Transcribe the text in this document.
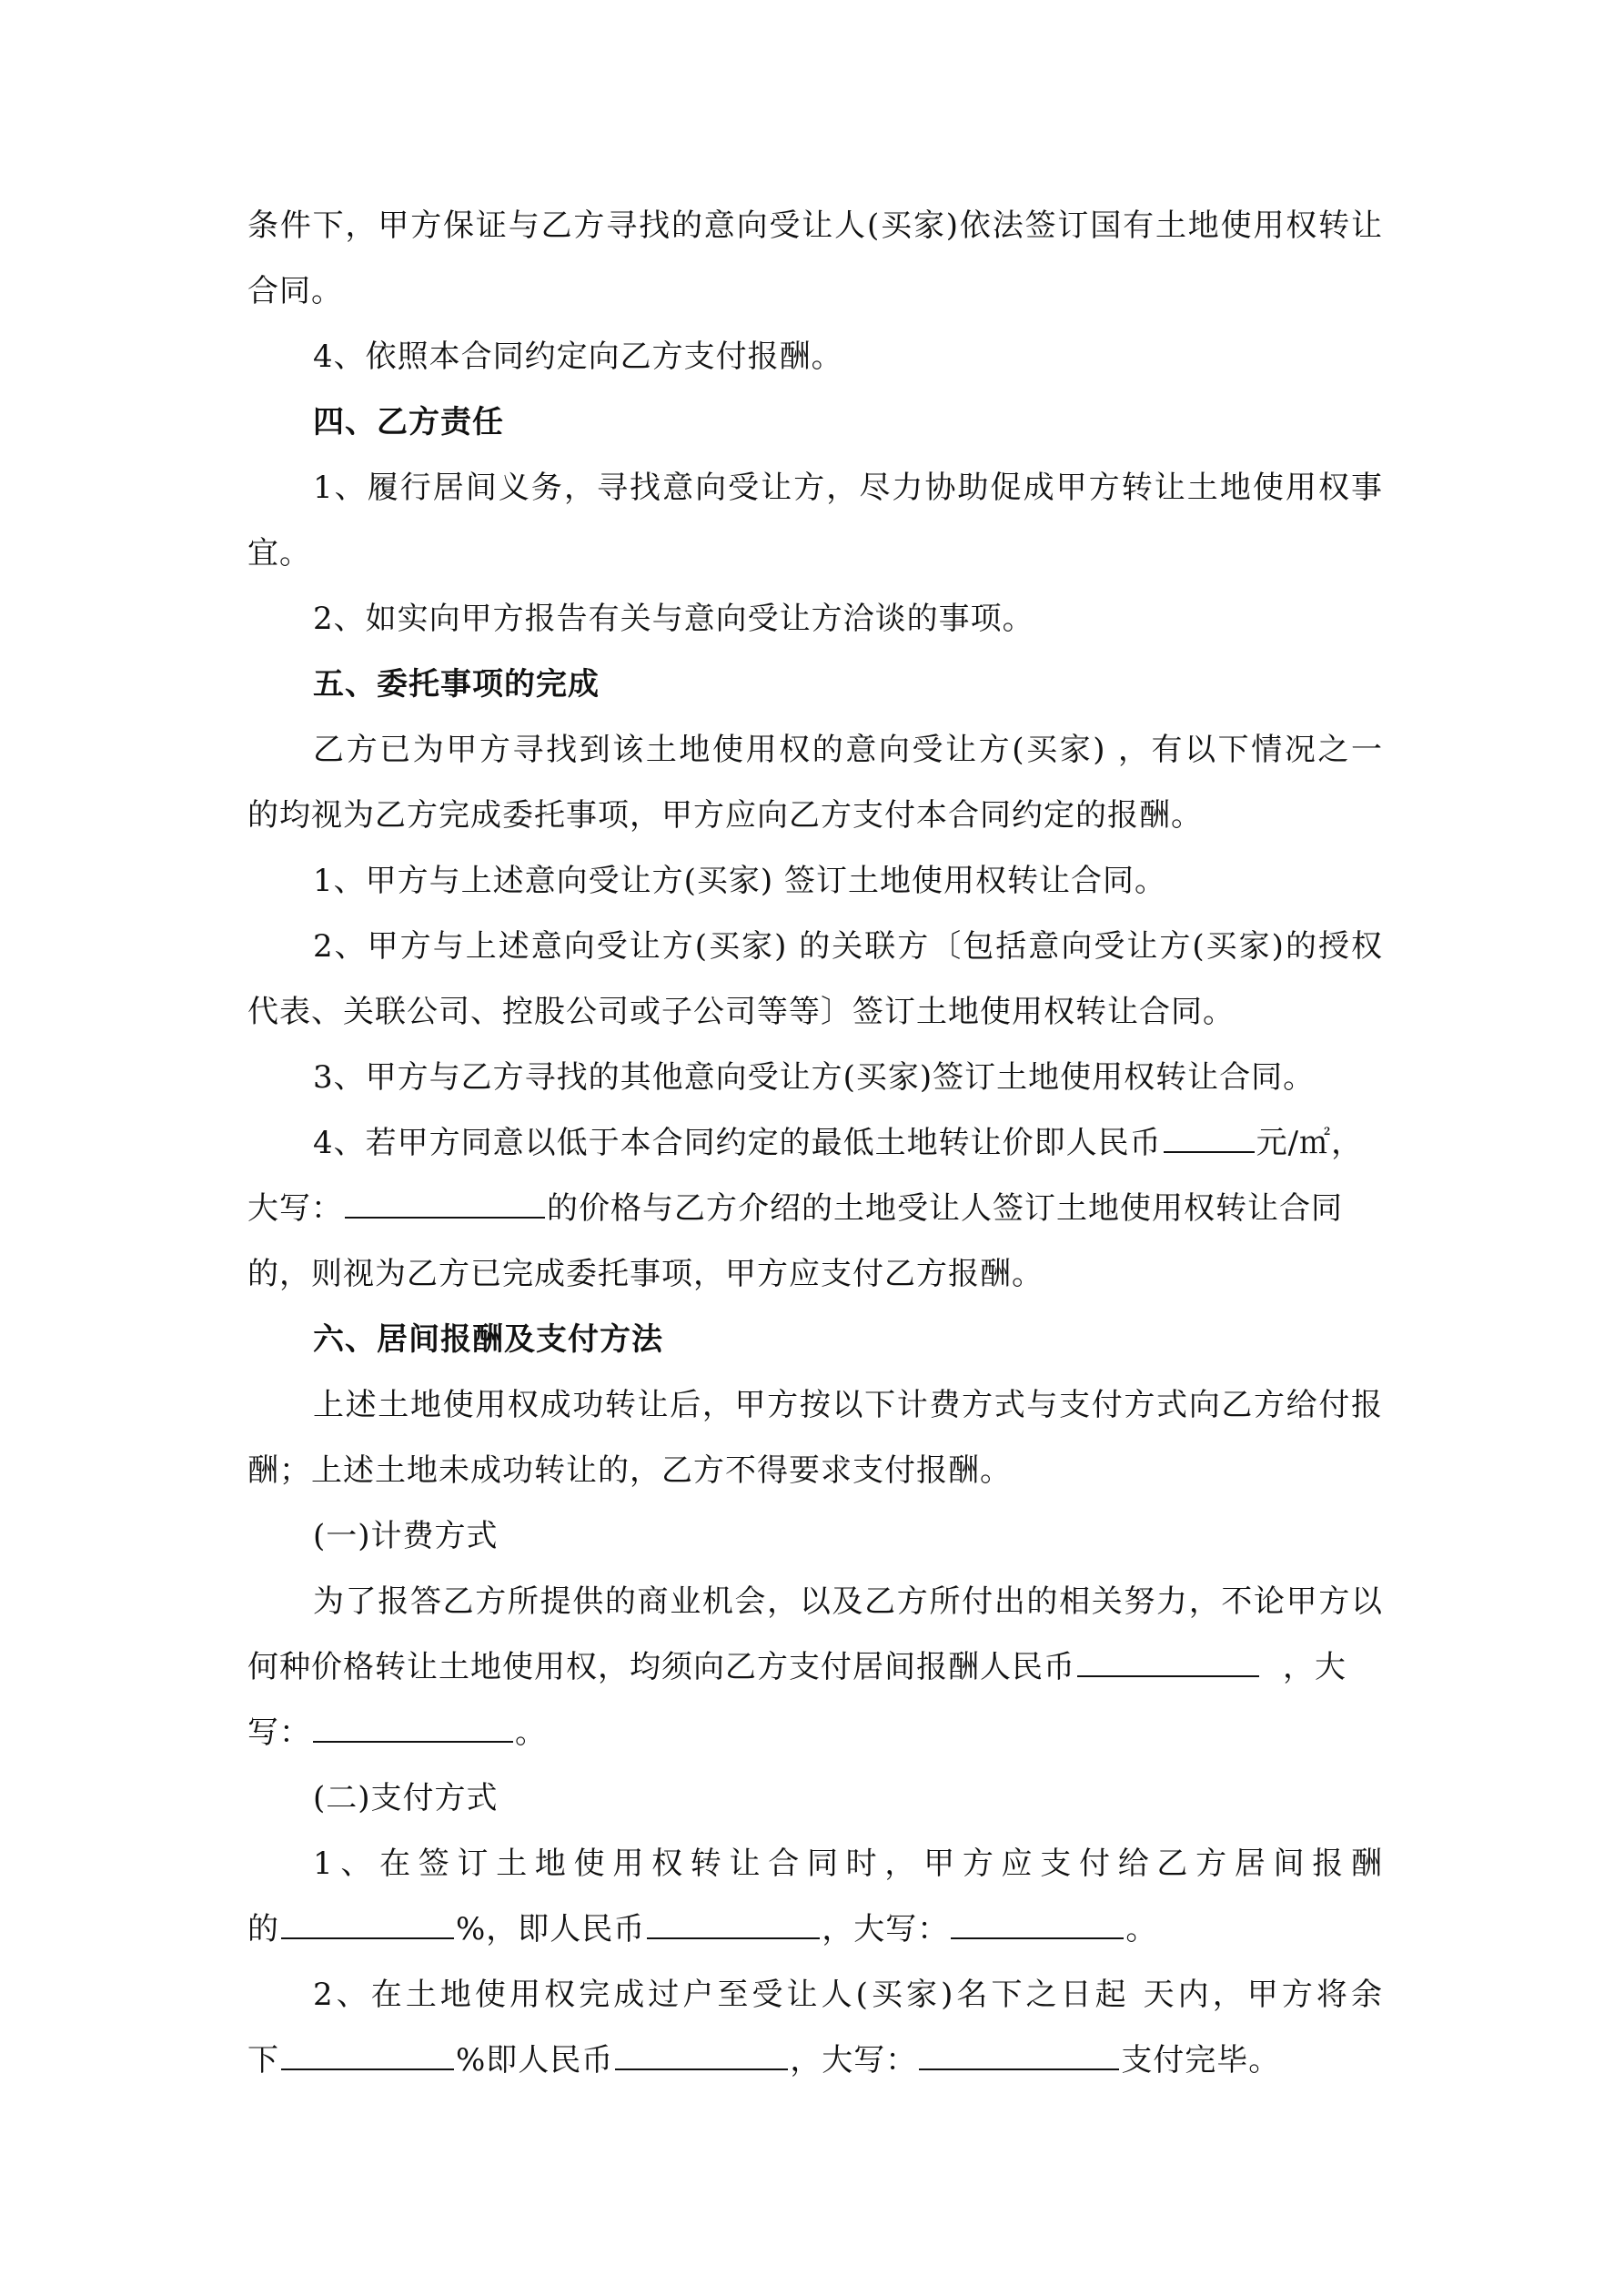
条件下，甲方保证与乙方寻找的意向受让人(买家)依法签订国有土地使用权转让
合同。
4、依照本合同约定向乙方支付报酬。
四、乙方责任
1、履行居间义务，寻找意向受让方，尽力协助促成甲方转让土地使用权事
宜。
2、如实向甲方报告有关与意向受让方洽谈的事项。
五、委托事项的完成
乙方已为甲方寻找到该土地使用权的意向受让方(买家) ，有以下情况之一
的均视为乙方完成委托事项，甲方应向乙方支付本合同约定的报酬。
1、甲方与上述意向受让方(买家) 签订土地使用权转让合同。
2、甲方与上述意向受让方(买家) 的关联方〔包括意向受让方(买家)的授权
代表、关联公司、控股公司或子公司等等〕签订土地使用权转让合同。
3、甲方与乙方寻找的其他意向受让方(买家)签订土地使用权转让合同。
4、若甲方同意以低于本合同约定的最低土地转让价即人民币	元/㎡，
大写：	的价格与乙方介绍的土地受让人签订土地使用权转让合同
的，则视为乙方已完成委托事项，甲方应支付乙方报酬。
六、居间报酬及支付方法
上述土地使用权成功转让后，甲方按以下计费方式与支付方式向乙方给付报
酬；上述土地未成功转让的，乙方不得要求支付报酬。
(一)计费方式
为了报答乙方所提供的商业机会，以及乙方所付出的相关努力，不论甲方以
何种价格转让土地使用权，均须向乙方支付居间报酬人民币	，大
写：	。
(二)支付方式
1、在签订土地使用权转让合同时，甲方应支付给乙方居间报酬
的	%，即人民币	，大写：	。
2、在土地使用权完成过户至受让人(买家)名下之日起 天内，甲方将余
下	%即人民币	，大写：	支付完毕。
